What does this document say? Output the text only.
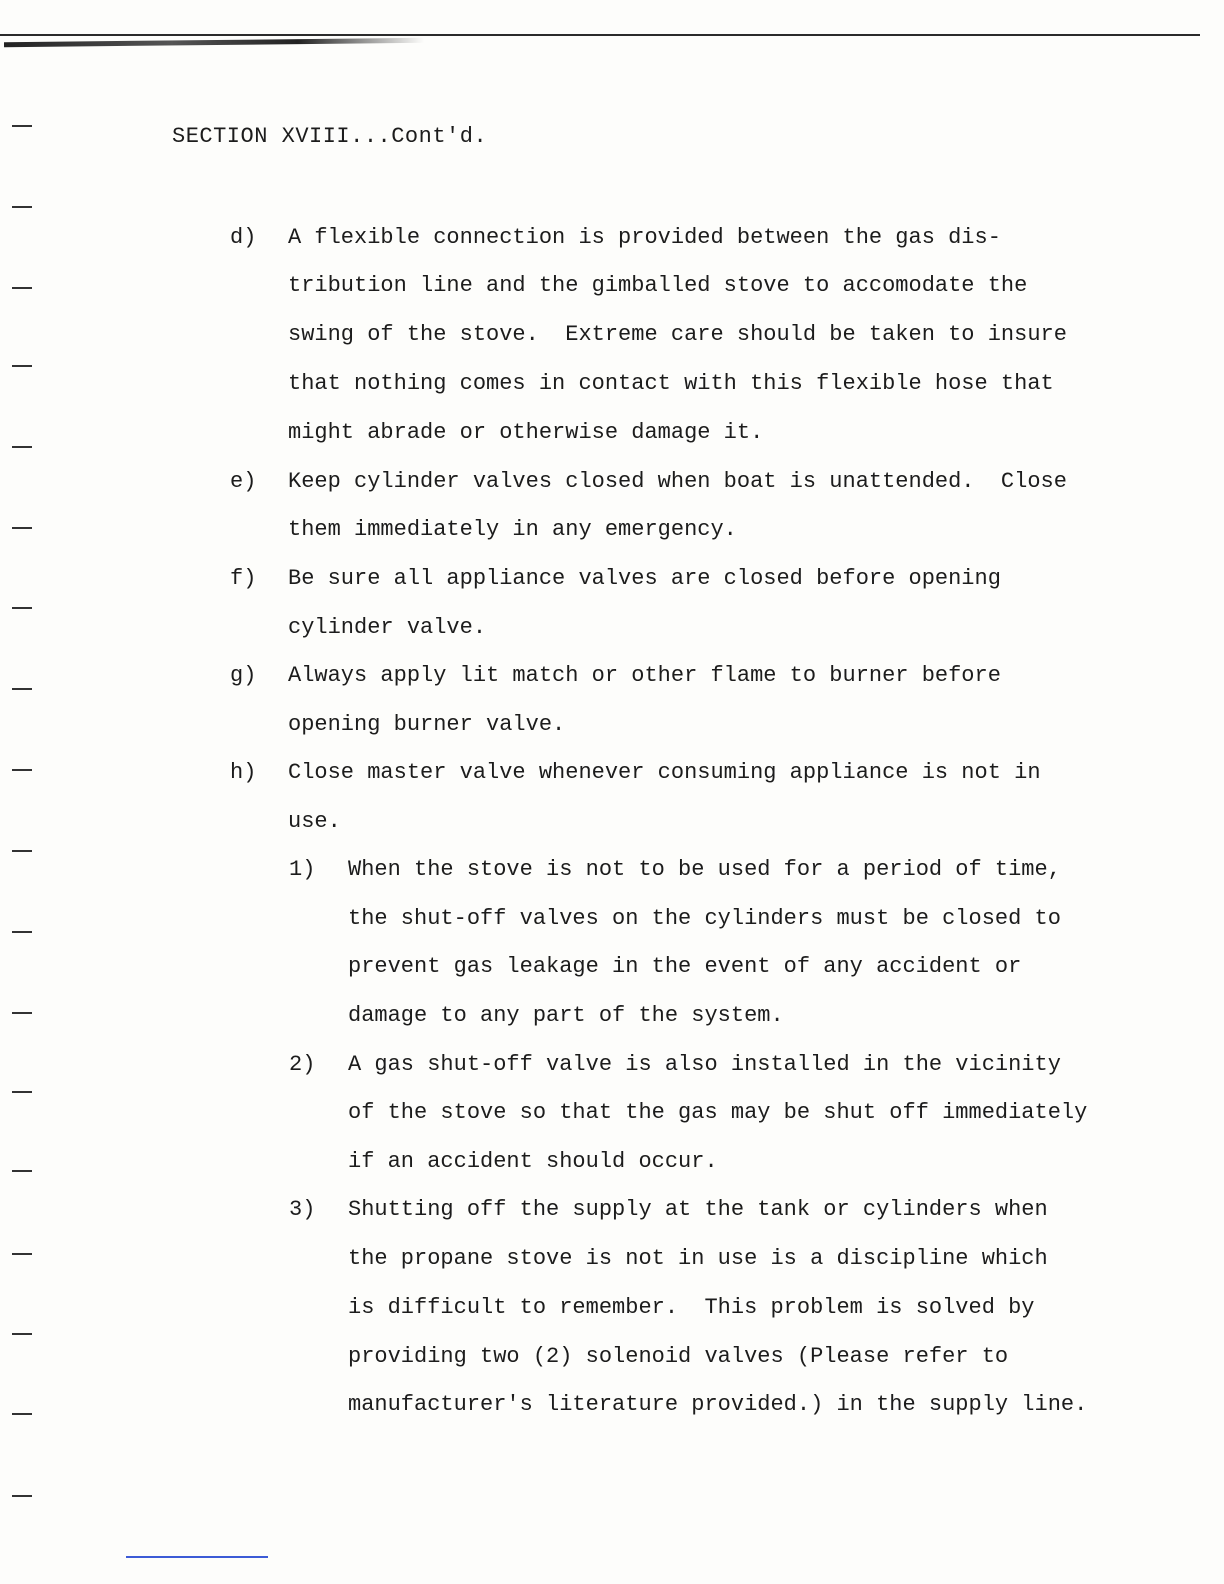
SECTION XVIII...Cont'd.
d) A flexible connection is provided between the gas dis-
tribution line and the gimballed stove to accomodate the
swing of the stove.  Extreme care should be taken to insure
that nothing comes in contact with this flexible hose that
might abrade or otherwise damage it.
e) Keep cylinder valves closed when boat is unattended.  Close
them immediately in any emergency.
f) Be sure all appliance valves are closed before opening
cylinder valve.
g) Always apply lit match or other flame to burner before
opening burner valve.
h) Close master valve whenever consuming appliance is not in
use.
1) When the stove is not to be used for a period of time,
the shut-off valves on the cylinders must be closed to
prevent gas leakage in the event of any accident or
damage to any part of the system.
2) A gas shut-off valve is also installed in the vicinity
of the stove so that the gas may be shut off immediately
if an accident should occur.
3) Shutting off the supply at the tank or cylinders when
the propane stove is not in use is a discipline which
is difficult to remember.  This problem is solved by
providing two (2) solenoid valves (Please refer to
manufacturer's literature provided.) in the supply line.
